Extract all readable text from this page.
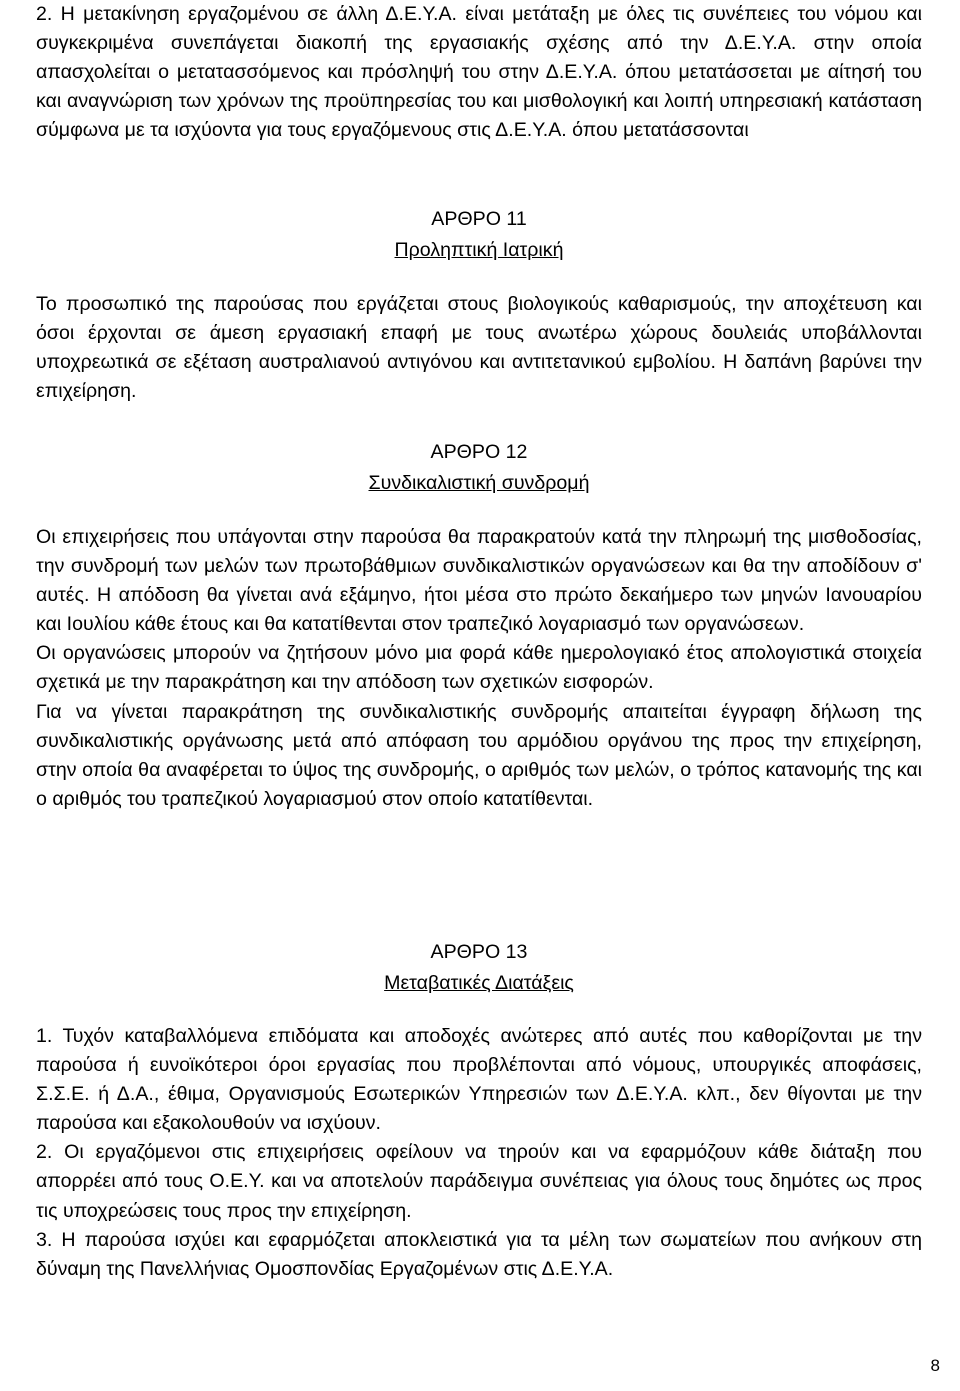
2. Η μετακίνηση εργαζομένου σε άλλη Δ.Ε.Υ.Α. είναι μετάταξη με όλες τις συνέπειες του νόμου και συγκεκριμένα συνεπάγεται διακοπή της εργασιακής σχέσης από την Δ.Ε.Υ.Α. στην οποία απασχολείται ο μετατασσόμενος και πρόσληψή του στην Δ.Ε.Υ.Α. όπου μετατάσσεται με αίτησή του και αναγνώριση των χρόνων της προϋπηρεσίας του και μισθολογική και λοιπή υπηρεσιακή κατάσταση σύμφωνα με τα ισχύοντα για τους εργαζόμενους στις Δ.Ε.Υ.Α. όπου μετατάσσονται

ΑΡΘΡΟ 11

Προληπτική Ιατρική

Το προσωπικό της παρούσας που εργάζεται στους βιολογικούς καθαρισμούς, την αποχέτευση και όσοι έρχονται σε άμεση εργασιακή επαφή με τους ανωτέρω χώρους δουλειάς υποβάλλονται υποχρεωτικά σε εξέταση αυστραλιανού αντιγόνου και αντιτετανικού εμβολίου. Η δαπάνη βαρύνει την επιχείρηση.

ΑΡΘΡΟ 12

Συνδικαλιστική συνδρομή

Οι επιχειρήσεις που υπάγονται στην παρούσα θα παρακρατούν κατά την πληρωμή της μισθοδοσίας, την συνδρομή των μελών των πρωτοβάθμιων συνδικαλιστικών οργανώσεων και θα την αποδίδουν σ' αυτές. Η απόδοση θα γίνεται ανά εξάμηνο, ήτοι μέσα στο πρώτο δεκαήμερο των μηνών Ιανουαρίου και Ιουλίου κάθε έτους και θα κατατίθενται στον τραπεζικό λογαριασμό των οργανώσεων.

Οι οργανώσεις μπορούν να ζητήσουν μόνο μια φορά κάθε ημερολογιακό έτος απολογιστικά στοιχεία σχετικά με την παρακράτηση και την απόδοση των σχετικών εισφορών.

Για να γίνεται παρακράτηση της συνδικαλιστικής συνδρομής απαιτείται έγγραφη δήλωση της συνδικαλιστικής οργάνωσης μετά από απόφαση του αρμόδιου οργάνου της προς την επιχείρηση, στην οποία θα αναφέρεται το ύψος της συνδρομής, ο αριθμός των μελών, ο τρόπος κατανομής της και ο αριθμός του τραπεζικού λογαριασμού στον οποίο κατατίθενται.

ΑΡΘΡΟ 13

Μεταβατικές Διατάξεις

1. Τυχόν καταβαλλόμενα επιδόματα και αποδοχές ανώτερες από αυτές που καθορίζονται με την παρούσα ή ευνοϊκότεροι όροι εργασίας που προβλέπονται από νόμους, υπουργικές αποφάσεις, Σ.Σ.Ε. ή Δ.Α., έθιμα, Οργανισμούς Εσωτερικών Υπηρεσιών των Δ.Ε.Υ.Α. κλπ., δεν θίγονται με την παρούσα και εξακολουθούν να ισχύουν.

2. Οι εργαζόμενοι στις επιχειρήσεις οφείλουν να τηρούν και να εφαρμόζουν κάθε διάταξη που απορρέει από τους Ο.Ε.Υ. και να αποτελούν παράδειγμα συνέπειας για όλους τους δημότες ως προς τις υποχρεώσεις τους προς την επιχείρηση.

3. Η παρούσα ισχύει και εφαρμόζεται αποκλειστικά για τα μέλη των σωματείων που ανήκουν στη δύναμη της Πανελλήνιας Ομοσπονδίας Εργαζομένων στις Δ.Ε.Υ.Α.

8
